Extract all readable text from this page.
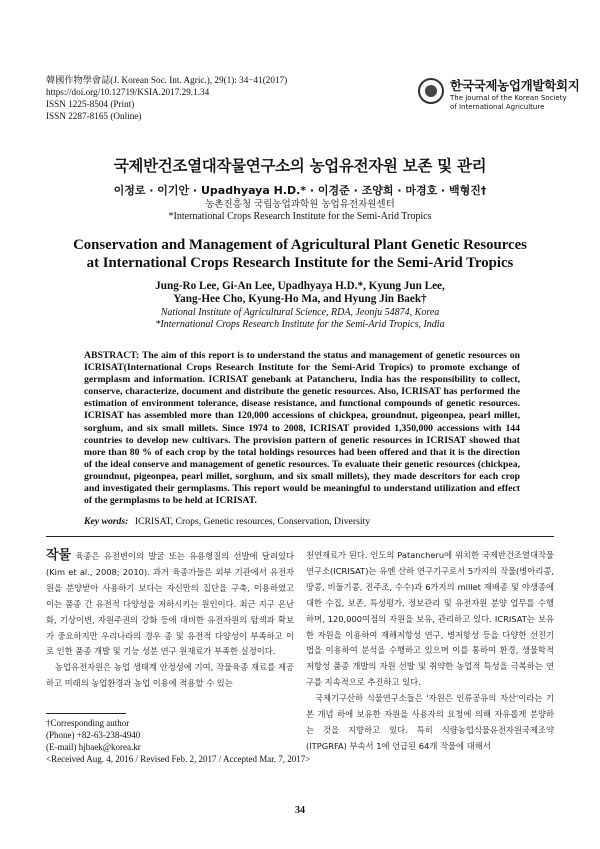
韓國作物學會誌(J. Korean Soc. Int. Agric.), 29(1): 34−41(2017)
https://doi.org/10.12719/KSIA.2017.29.1.34
ISSN 1225-8504 (Print)
ISSN 2287-8165 (Online)
한국국제농업개발학회지
The Journal of the Korean Society of International Agriculture
국제반건조열대작물연구소의 농업유전자원 보존 및 관리
이정로 · 이기안 · Upadhyaya H.D.* · 이경준 · 조양희 · 마경호 · 백형진†
농촌진흥청 국립농업과학원 농업유전자원센터
*International Crops Research Institute for the Semi-Arid Tropics
Conservation and Management of Agricultural Plant Genetic Resources
at International Crops Research Institute for the Semi-Arid Tropics
Jung-Ro Lee, Gi-An Lee, Upadhyaya H.D.*, Kyung Jun Lee,
Yang-Hee Cho, Kyung-Ho Ma, and Hyung Jin Baek†
National Institute of Agricultural Science, RDA, Jeonju 54874, Korea
*International Crops Research Institute for the Semi-Arid Tropics, India
ABSTRACT: The aim of this report is to understand the status and management of genetic resources on ICRISAT(International Crops Research Institute for the Semi-Arid Tropics) to promote exchange of germplasm and information. ICRISAT genebank at Patancheru, India has the responsibility to collect, conserve, characterize, document and distribute the genetic resources. Also, ICRISAT has performed the estimation of environment tolerance, disease resistance, and functional compounds of genetic resources. ICRISAT has assembled more than 120,000 accessions of chickpea, groundnut, pigeonpea, pearl millet, sorghum, and six small millets. Since 1974 to 2008, ICRISAT provided 1,350,000 accessions with 144 countries to develop new cultivars. The provision pattern of genetic resources in ICRISAT showed that more than 80 % of each crop by the total holdings resources had been offered and that it is the direction of the ideal conserve and management of genetic resources. To evaluate their genetic resources (chickpea, groundnut, pigeonpea, pearl millet, sorghum, and six small millets), they made descritors for each crop and investigated their germplasms. This report would be meaningful to understand utilization and effect of the germplasms to be held at ICRISAT.
Key words: ICRISAT, Crops, Genetic resources, Conservation, Diversity

작물 육종은 유전변이의 발굴 또는 유용형질의 선발에 달려있다(Kim et al., 2008; 2010). 과거 육종가들은 외부 기관에서 유전자원을 분양받아 사용하기 보다는 자신만의 집단을 구축, 이용하였고 이는 품종 간 유전적 다양성을 저하시키는 원인이다. 최근 지구 온난화, 기상이변, 자원주권의 강화 등에 대비한 유전자원의 탐색과 확보가 중요하지만 우리나라의 경우 종 및 유전적 다양성이 부족하고 이로 인한 품종 개발 및 기능 성분 연구 원재료가 부족한 실정이다.

농업유전자원은 농업 생태계 안정성에 기여, 작물육종 재료를 제공하고 미래의 농업환경과 농업 이용에 적용할 수 있는

천연재료가 된다. 인도의 Patancheru에 위치한 국제반건조열대작물연구소(ICRISAT)는 유엔 산하 연구기구로서 5가지의 작물(병아리콩, 땅콩, 비둘기콩, 진주조, 수수)과 6가지의 millet 재배종 및 야생종에 대한 수집, 보존, 특성평가, 정보관리 및 유전자원 분양 업무를 수행하며, 120,000여점의 자원을 보유, 관리하고 있다. ICRISAT는 보유한 자원을 이용하여 재해저항성 연구, 병저항성 등을 다양한 선진기법을 이용하여 분석을 수행하고 있으며 이를 통하여 환경, 생물학적 저항성 품종 개발의 자원 선발 및 취약한 농업적 특성을 극복하는 연구를 지속적으로 추진하고 있다.

국제기구산하 식물연구소들은 '자원은 인류공유의 자산'이라는 기본 개념 하에 보유한 자원을 사용자의 요청에 의해 자유롭게 분양하는 것을 지향하고 있다. 특히 식량농업식물유전자원국제조약(ITPGRFA) 부속서 1에 언급된 64개 작물에 대해서

†Corresponding author
(Phone) +82-63-238-4940
(E-mail) hjbaek@korea.kr
<Received Aug. 4, 2016 / Revised Feb. 2, 2017 / Accepted Mar. 7, 2017>
34
